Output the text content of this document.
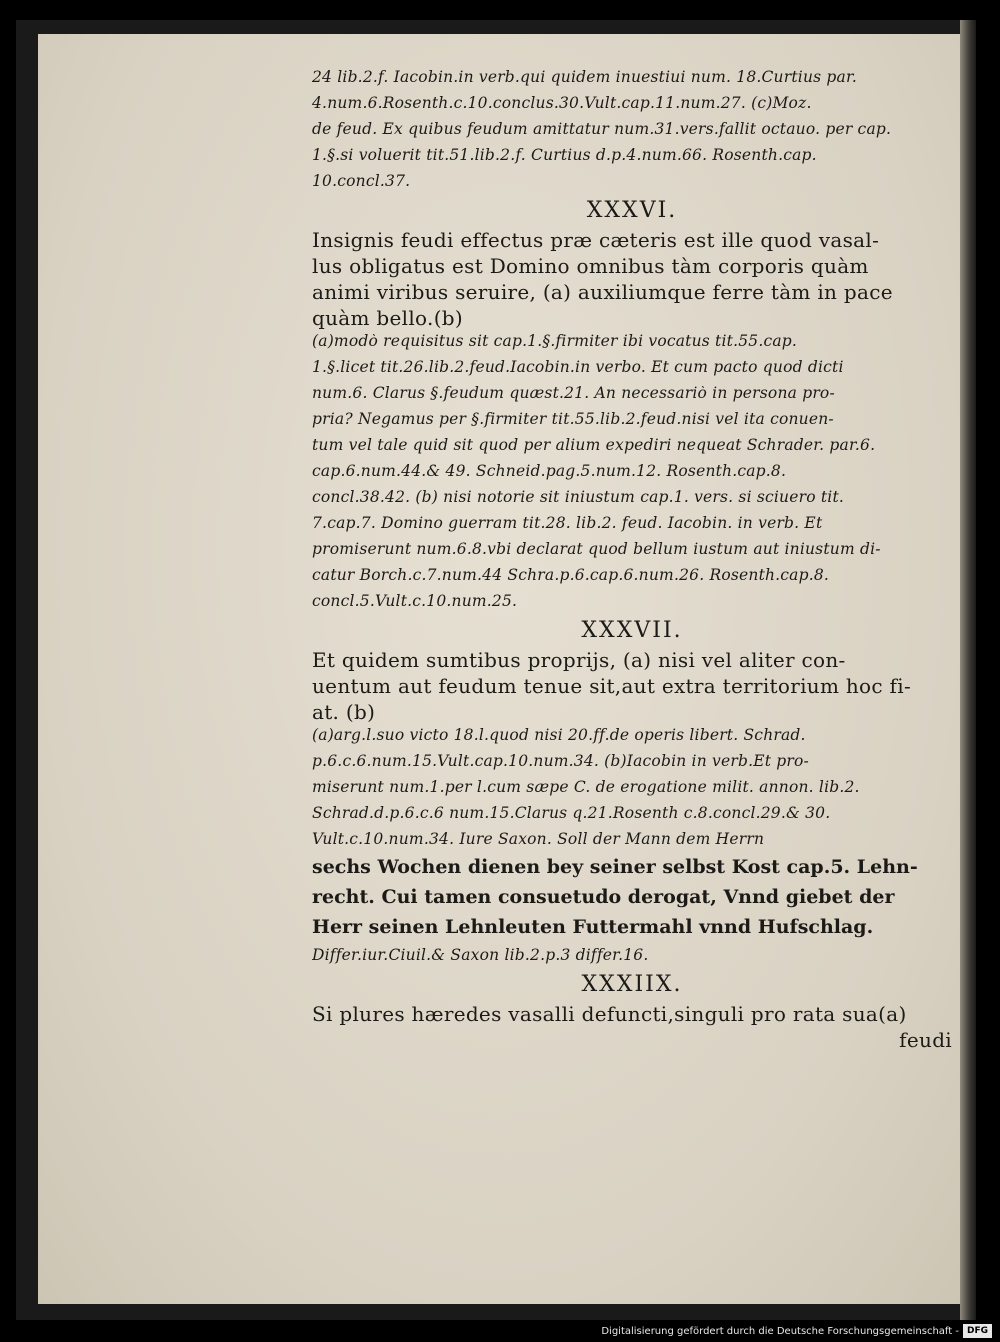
24 lib.2.f. Iacobin.in verb.qui quidem inuestiui num. 18.Curtius par.

4.num.6.Rosenth.c.10.conclus.30.Vult.cap.11.num.27. (c)Moz.

de feud. Ex quibus feudum amittatur num.31.vers.fallit octauo. per cap.

1.§.si voluerit tit.51.lib.2.f. Curtius d.p.4.num.66. Rosenth.cap.

10.concl.37.

XXXVI.

Insignis feudi effectus præ cæteris est ille quod vasal-

lus obligatus est Domino omnibus tàm corporis quàm

animi viribus seruire, (a) auxiliumque ferre tàm in pace

quàm bello.(b)

(a)modò requisitus sit cap.1.§.firmiter ibi vocatus tit.55.cap.

1.§.licet tit.26.lib.2.feud.Iacobin.in verbo. Et cum pacto quod dicti

num.6. Clarus §.feudum quæst.21. An necessariò in persona pro-

pria? Negamus per §.firmiter tit.55.lib.2.feud.nisi vel ita conuen-

tum vel tale quid sit quod per alium expediri nequeat Schrader. par.6.

cap.6.num.44.& 49. Schneid.pag.5.num.12. Rosenth.cap.8.

concl.38.42. (b) nisi notorie sit iniustum cap.1. vers. si sciuero tit.

7.cap.7. Domino guerram tit.28. lib.2. feud. Iacobin. in verb. Et

promiserunt num.6.8.vbi declarat quod bellum iustum aut iniustum di-

catur Borch.c.7.num.44 Schra.p.6.cap.6.num.26. Rosenth.cap.8.

concl.5.Vult.c.10.num.25.

XXXVII.

Et quidem sumtibus proprijs, (a) nisi vel aliter con-

uentum aut feudum tenue sit,aut extra territorium hoc fi-

at. (b)

(a)arg.l.suo victo 18.l.quod nisi 20.ff.de operis libert. Schrad.

p.6.c.6.num.15.Vult.cap.10.num.34. (b)Iacobin in verb.Et pro-

miserunt num.1.per l.cum sæpe C. de erogatione milit. annon. lib.2.

Schrad.d.p.6.c.6 num.15.Clarus q.21.Rosenth c.8.concl.29.& 30.

Vult.c.10.num.34. Iure Saxon. Soll der Mann dem Herrn

sechs Wochen dienen bey seiner selbst Kost cap.5. Lehn-

recht. Cui tamen consuetudo derogat, Vnnd giebet der

Herr seinen Lehnleuten Futtermahl vnnd Hufschlag.

Differ.iur.Ciuil.& Saxon lib.2.p.3 differ.16.

XXXIIX.

Si plures hæredes vasalli defuncti,singuli pro rata sua(a)

feudi

Digitalisierung gefördert durch die Deutsche Forschungsgemeinschaft - DFG
